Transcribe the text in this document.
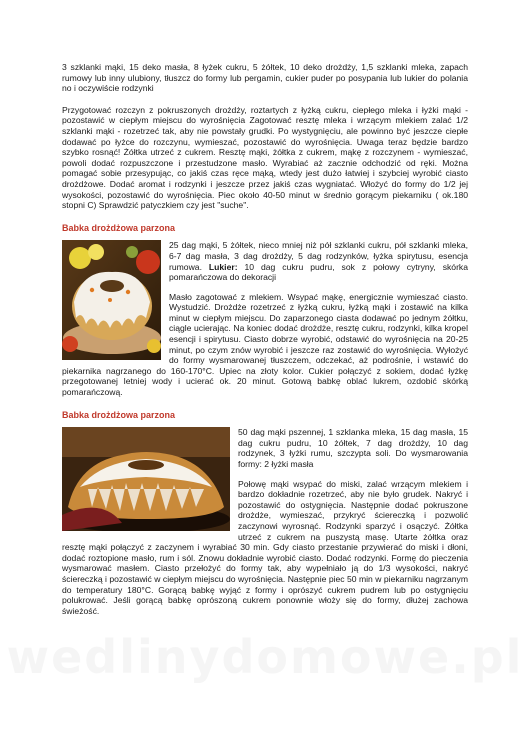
3 szklanki mąki, 15 deko masła, 8 łyżek cukru, 5 żółtek, 10 deko drożdży, 1,5 szklanki mleka, zapach rumowy lub inny ulubiony, tłuszcz do formy lub pergamin, cukier puder po posypania lub lukier do polania no i oczywiście rodzynki

Przygotować rozczyn z pokruszonych drożdży, roztartych z łyżką cukru, ciepłego mleka i łyżki mąki - pozostawić w ciepłym miejscu do wyrośnięcia Zagotować resztę mleka i wrzącym mlekiem zalać 1/2 szklanki mąki - rozetrzeć tak, aby nie powstały grudki. Po wystygnięciu, ale powinno być jeszcze ciepłe dodawać po łyżce do rozczynu, wymieszać, pozostawić do wyrośnięcia. Uwaga teraz będzie bardzo szybko rosnąć! Żółtka utrzeć z cukrem. Resztę mąki, żółtka z cukrem, mąkę z rozczynem - wymieszać, powoli dodać rozpuszczone i przestudzone masło. Wyrabiać aż zacznie odchodzić od ręki. Można pomagać sobie przesypując, co jakiś czas ręce mąką, wtedy jest dużo łatwiej i szybciej wyrobić ciasto drożdżowe. Dodać aromat i rodzynki i jeszcze przez jakiś czas wygniatać. Włożyć do formy do 1/2 jej wysokości, pozostawić do wyrośnięcia. Piec około 40-50 minut w średnio gorącym piekarniku ( ok.180 stopni C) Sprawdzić patyczkiem czy jest "suche".

Babka drożdżowa parzona

25 dag mąki, 5 żółtek, nieco mniej niż pół szklanki cukru, pół szklanki mleka, 6-7 dag masła, 3 dag drożdży, 5 dag rodzynków, łyżka spirytusu, esencja rumowa. Lukier: 10 dag cukru pudru, sok z połowy cytryny, skórka pomarańczowa do dekoracji

Masło zagotować z mlekiem. Wsypać mąkę, energicznie wymieszać ciasto. Wystudzić. Drożdże rozetrzeć z łyżką cukru, łyżką mąki i zostawić na kilka minut w ciepłym miejscu. Do zaparzonego ciasta dodawać po jednym żółtku, ciągle ucierając. Na koniec dodać drożdże, resztę cukru, rodzynki, kilka kropel esencji i spirytusu. Ciasto dobrze wyrobić, odstawić do wyrośnięcia na 20-25 minut, po czym znów wyrobić i jeszcze raz zostawić do wyrośnięcia. Wyłożyć do formy wysmarowanej tłuszczem, odczekać, aż podrośnie, i wstawić do piekarnika nagrzanego do 160-170°C. Upiec na złoty kolor. Cukier połączyć z sokiem, dodać łyżkę przegotowanej letniej wody i ucierać ok. 20 minut. Gotową babkę oblać lukrem, ozdobić skórką pomarańczową.

Babka drożdżowa parzona

50 dag mąki pszennej, 1 szklanka mleka, 15 dag masła, 15 dag cukru pudru, 10 żółtek, 7 dag drożdży, 10 dag rodzynek, 3 łyżki rumu, szczypta soli. Do wysmarowania formy: 2 łyżki masła

Połowę mąki wsypać do miski, zalać wrzącym mlekiem i bardzo dokładnie rozetrzeć, aby nie było grudek. Nakryć i pozostawić do ostygnięcia. Następnie dodać pokruszone drożdże, wymieszać, przykryć ściereczką i pozwolić zaczynowi wyrosnąć. Rodzynki sparzyć i osączyć. Żółtka utrzeć z cukrem na puszystą masę. Utarte żółtka oraz resztę mąki połączyć z zaczynem i wyrabiać 30 min. Gdy ciasto przestanie przywierać do miski i dłoni, dodać roztopione masło, rum i sól. Znowu dokładnie wyrobić ciasto. Dodać rodzynki. Formę do pieczenia wysmarować masłem. Ciasto przełożyć do formy tak, aby wypełniało ją do 1/3 wysokości, nakryć ściereczką i pozostawić w ciepłym miejscu do wyrośnięcia. Następnie piec 50 min w piekarniku nagrzanym do temperatury 180°C. Gorącą babkę wyjąć z formy i oprószyć cukrem pudrem lub po ostygnięciu polukrować. Jeśli gorącą babkę oprószoną cukrem ponownie włoży się do formy, dłużej zachowa świeżość.

wedlinydomowe.pl
